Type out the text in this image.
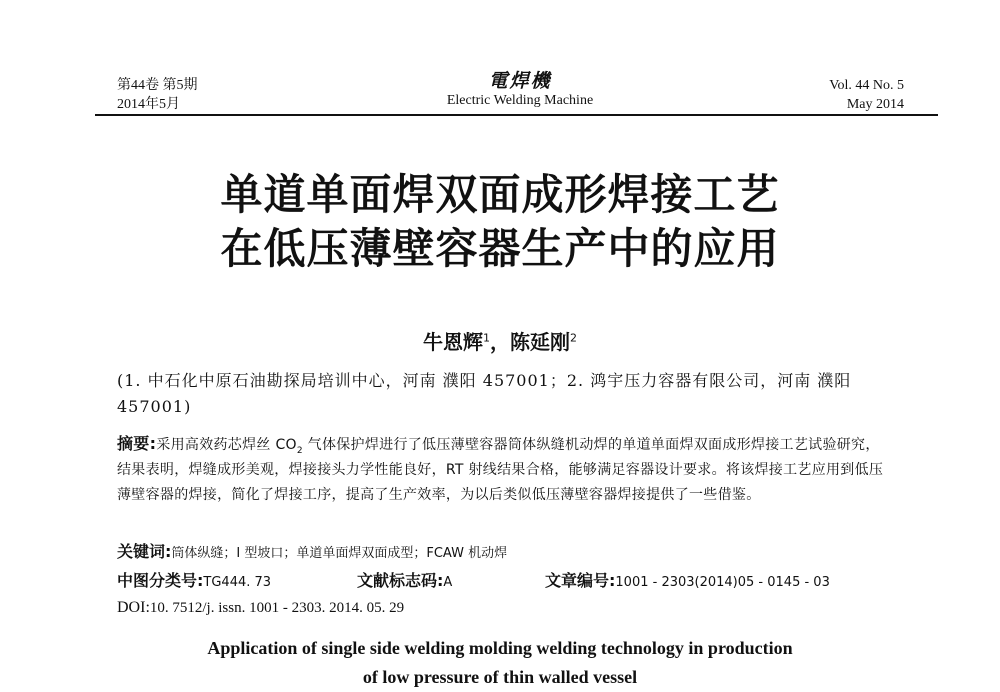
第44卷 第5期
2014年5月
電焊機
Electric Welding Machine
Vol. 44 No. 5
May 2014
单道单面焊双面成形焊接工艺
在低压薄壁容器生产中的应用
牛恩辉$^1$，陈延刚$^2$
(1. 中石化中原石油勘探局培训中心，河南 濮阳 457001；2. 鸿宇压力容器有限公司，河南 濮阳 457001)
摘要:采用高效药芯焊丝 $CO_2$ 气体保护焊进行了低压薄壁容器筒体纵缝机动焊的单道单面焊双面成形焊接工艺试验研究，结果表明，焊缝成形美观，焊接接头力学性能良好，RT 射线结果合格，能够满足容器设计要求。将该焊接工艺应用到低压薄壁容器的焊接，简化了焊接工序，提高了生产效率，为以后类似低压薄壁容器焊接提供了一些借鉴。
关键词:筒体纵缝；I 型坡口；单道单面焊双面成型；FCAW 机动焊
中图分类号:TG444. 73	文献标志码:A	文章编号:1001 - 2303(2014)05 - 0145 - 03
DOI:10. 7512/j. issn. 1001 - 2303. 2014. 05. 29
Application of single side welding molding welding technology in production
of low pressure of thin walled vessel
